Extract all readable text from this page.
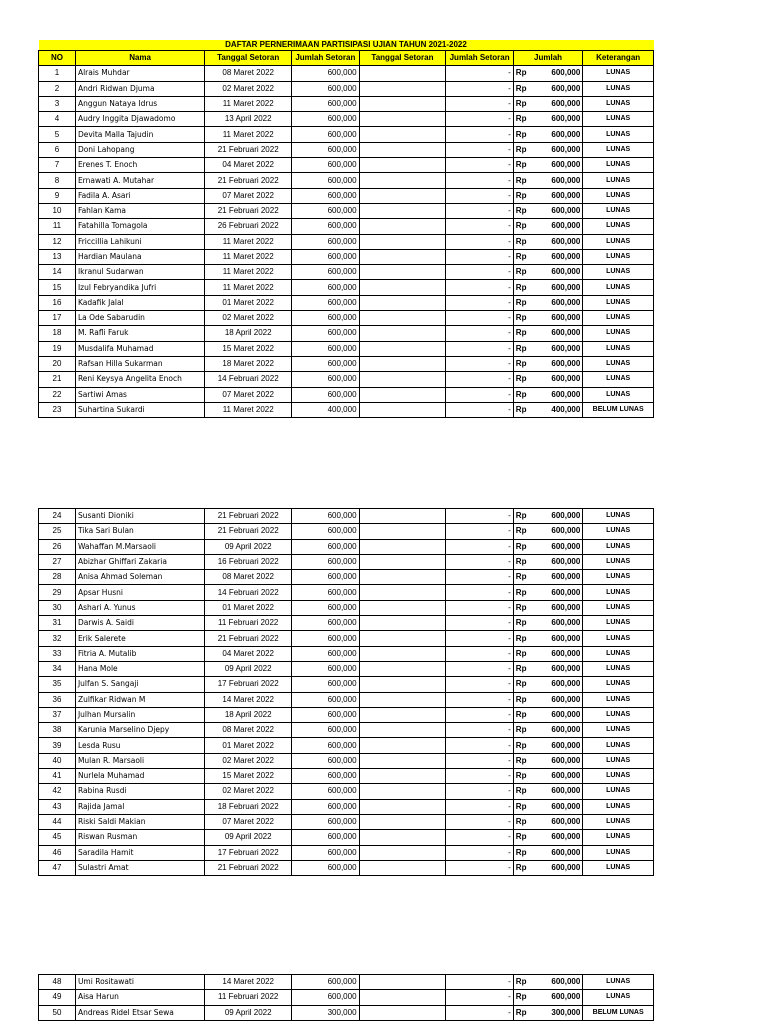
DAFTAR PERNERIMAAN PARTISIPASI UJIAN TAHUN 2021-2022								
NO	Nama	Tanggal Setoran	Jumlah Setoran	Tanggal Setoran	Jumlah Setoran	Jumlah		Keterangan
1	Alrais Muhdar	08 Maret 2022	600,000		-	Rp	600,000	LUNAS
2	Andri Ridwan Djuma	02 Maret 2022	600,000		-	Rp	600,000	LUNAS
3	Anggun Nataya Idrus	11 Maret 2022	600,000		-	Rp	600,000	LUNAS
4	Audry Inggita Djawadomo	13 April 2022	600,000		-	Rp	600,000	LUNAS
5	Devita Malla Tajudin	11 Maret 2022	600,000		-	Rp	600,000	LUNAS
6	Doni Lahopang	21 Februari 2022	600,000		-	Rp	600,000	LUNAS
7	Erenes T. Enoch	04 Maret 2022	600,000		-	Rp	600,000	LUNAS
8	Ernawati A. Mutahar	21 Februari 2022	600,000		-	Rp	600,000	LUNAS
9	Fadila A. Asari	07 Maret 2022	600,000		-	Rp	600,000	LUNAS
10	Fahlan Kama	21 Februari 2022	600,000		-	Rp	600,000	LUNAS
11	Fatahilla Tomagola	26 Februari 2022	600,000		-	Rp	600,000	LUNAS
12	Friccillia Lahikuni	11 Maret 2022	600,000		-	Rp	600,000	LUNAS
13	Hardian Maulana	11 Maret 2022	600,000		-	Rp	600,000	LUNAS
14	Ikranul Sudarwan	11 Maret 2022	600,000		-	Rp	600,000	LUNAS
15	Izul Febryandika Jufri	11 Maret 2022	600,000		-	Rp	600,000	LUNAS
16	Kadafik Jalal	01 Maret 2022	600,000		-	Rp	600,000	LUNAS
17	La Ode Sabarudin	02 Maret 2022	600,000		-	Rp	600,000	LUNAS
18	M. Rafli Faruk	18 April 2022	600,000		-	Rp	600,000	LUNAS
19	Musdalifa Muhamad	15 Maret 2022	600,000		-	Rp	600,000	LUNAS
20	Rafsan Hilla Sukarman	18 Maret 2022	600,000		-	Rp	600,000	LUNAS
21	Reni Keysya Angelita Enoch	14 Februari 2022	600,000		-	Rp	600,000	LUNAS
22	Sartiwi Amas	07 Maret 2022	600,000		-	Rp	600,000	LUNAS
23	Suhartina Sukardi	11 Maret 2022	400,000		-	Rp	400,000	BELUM LUNAS
24	Susanti Dioniki	21 Februari 2022	600,000		-	Rp	600,000	LUNAS
25	Tika Sari Bulan	21 Februari 2022	600,000		-	Rp	600,000	LUNAS
26	Wahaffan M.Marsaoli	09 April 2022	600,000		-	Rp	600,000	LUNAS
27	Abizhar Ghiffari Zakaria	16 Februari 2022	600,000		-	Rp	600,000	LUNAS
28	Anisa Ahmad Soleman	08 Maret 2022	600,000		-	Rp	600,000	LUNAS
29	Apsar Husni	14 Februari 2022	600,000		-	Rp	600,000	LUNAS
30	Ashari A. Yunus	01 Maret 2022	600,000		-	Rp	600,000	LUNAS
31	Darwis A. Saidi	11 Februari 2022	600,000		-	Rp	600,000	LUNAS
32	Erik Salerete	21 Februari 2022	600,000		-	Rp	600,000	LUNAS
33	Fitria A. Mutalib	04 Maret 2022	600,000		-	Rp	600,000	LUNAS
34	Hana Mole	09 April 2022	600,000		-	Rp	600,000	LUNAS
35	Julfan S. Sangaji	17 Februari 2022	600,000		-	Rp	600,000	LUNAS
36	Zulfikar Ridwan M	14 Maret 2022	600,000		-	Rp	600,000	LUNAS
37	Julhan Mursalin	18 April 2022	600,000		-	Rp	600,000	LUNAS
38	Karunia Marselino Djepy	08 Maret 2022	600,000		-	Rp	600,000	LUNAS
39	Lesda Rusu	01 Maret 2022	600,000		-	Rp	600,000	LUNAS
40	Mulan R. Marsaoli	02 Maret 2022	600,000		-	Rp	600,000	LUNAS
41	Nurlela Muhamad	15 Maret 2022	600,000		-	Rp	600,000	LUNAS
42	Rabina Rusdi	02 Maret 2022	600,000		-	Rp	600,000	LUNAS
43	Rajida Jamal	18 Februari 2022	600,000		-	Rp	600,000	LUNAS
44	Riski Saldi Makian	07 Maret 2022	600,000		-	Rp	600,000	LUNAS
45	Riswan Rusman	09 April 2022	600,000		-	Rp	600,000	LUNAS
46	Saradila Hamit	17 Februari 2022	600,000		-	Rp	600,000	LUNAS
47	Sulastri Amat	21 Februari 2022	600,000		-	Rp	600,000	LUNAS
48	Umi Rositawati	14 Maret 2022	600,000		-	Rp	600,000	LUNAS
49	Aisa Harun	11 Februari 2022	600,000		-	Rp	600,000	LUNAS
50	Andreas Ridel Etsar Sewa	09 April 2022	300,000		-	Rp	300,000	BELUM LUNAS
